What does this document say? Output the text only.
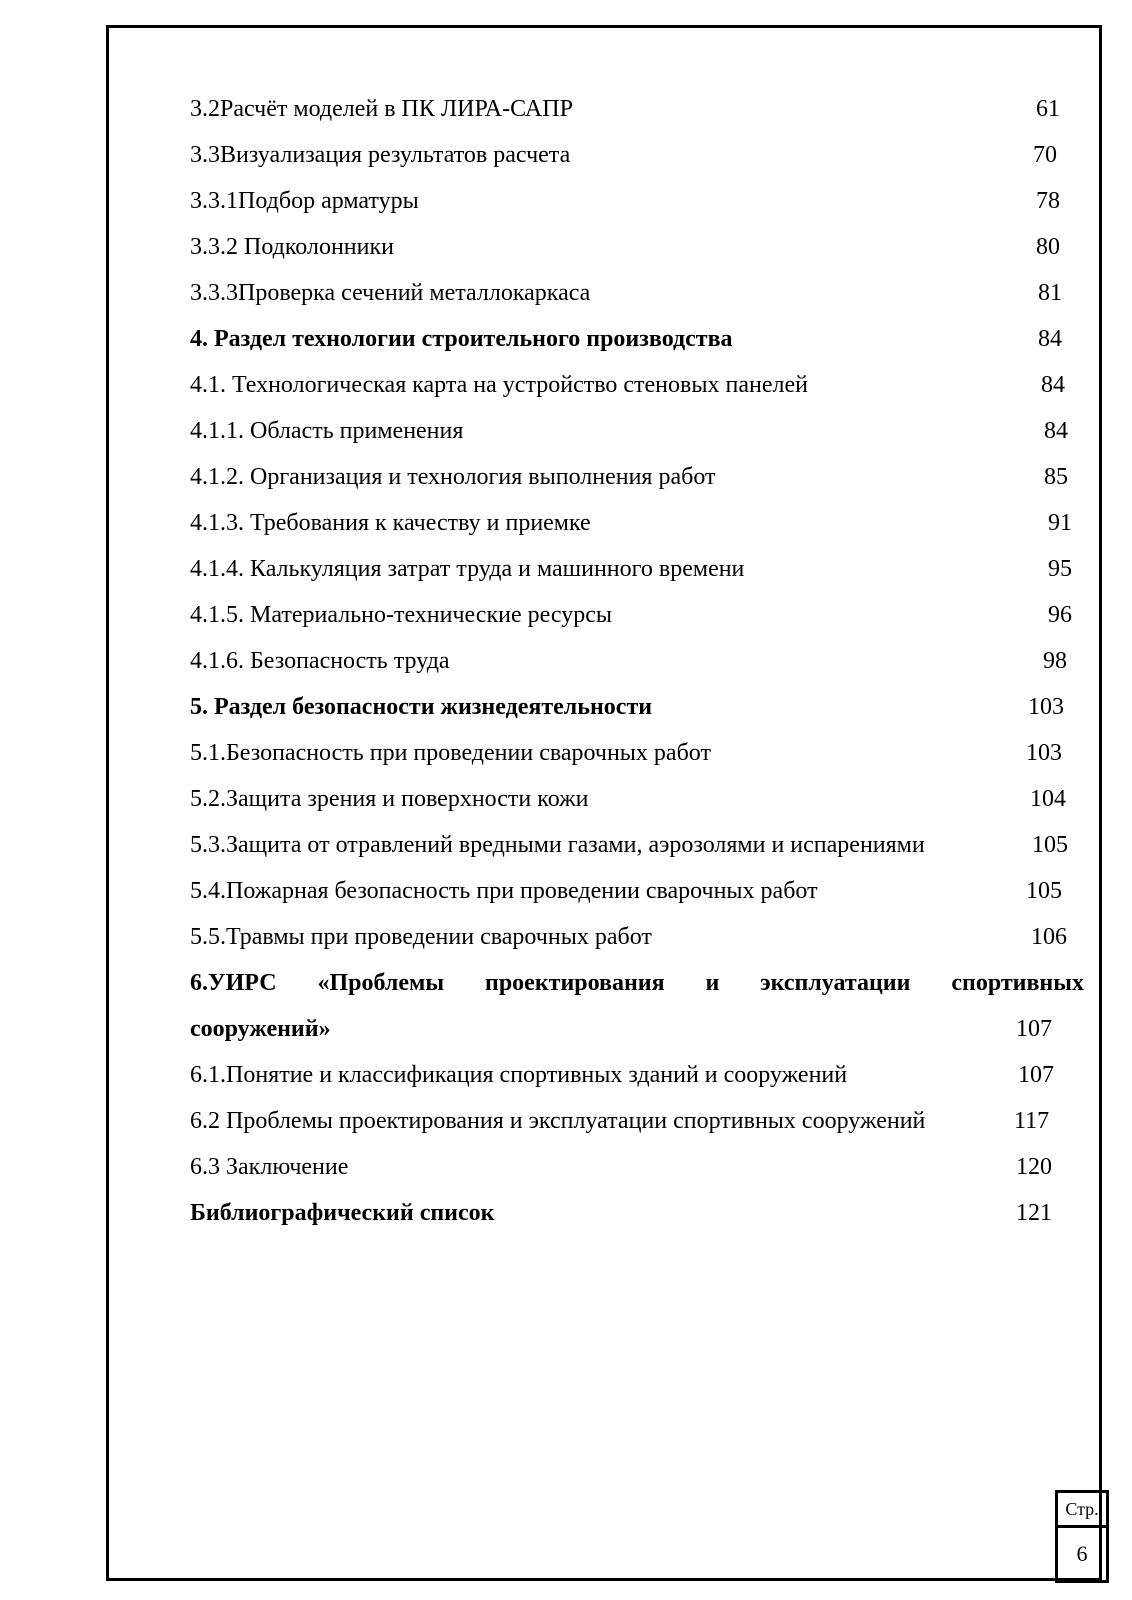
3.2Расчёт моделей в ПК ЛИРА-САПР	61
3.3Визуализация результатов расчета	70
3.3.1Подбор арматуры	78
3.3.2 Подколонники	80
3.3.3Проверка сечений металлокаркаса	81
4. Раздел технологии строительного производства	84
4.1. Технологическая карта на устройство стеновых панелей	84
4.1.1. Область применения	84
4.1.2. Организация и технология выполнения работ	85
4.1.3. Требования к качеству и приемке	91
4.1.4. Калькуляция затрат труда и машинного времени	95
4.1.5. Материально-технические ресурсы	96
4.1.6. Безопасность труда	98
5. Раздел безопасности жизнедеятельности	103
5.1.Безопасность при проведении сварочных работ	103
5.2.Защита зрения и поверхности кожи	104
5.3.Защита от отравлений вредными газами, аэрозолями и испарениями	105
5.4.Пожарная безопасность при проведении сварочных работ	105
5.5.Травмы при проведении сварочных работ	106
6.УИРС «Проблемы проектирования и эксплуатации спортивных
сооружений»	107
6.1.Понятие и классификация спортивных зданий и сооружений	107
6.2 Проблемы проектирования и эксплуатации спортивных сооружений	117
6.3 Заключение	120
Библиографический список	121
Стр.
6
